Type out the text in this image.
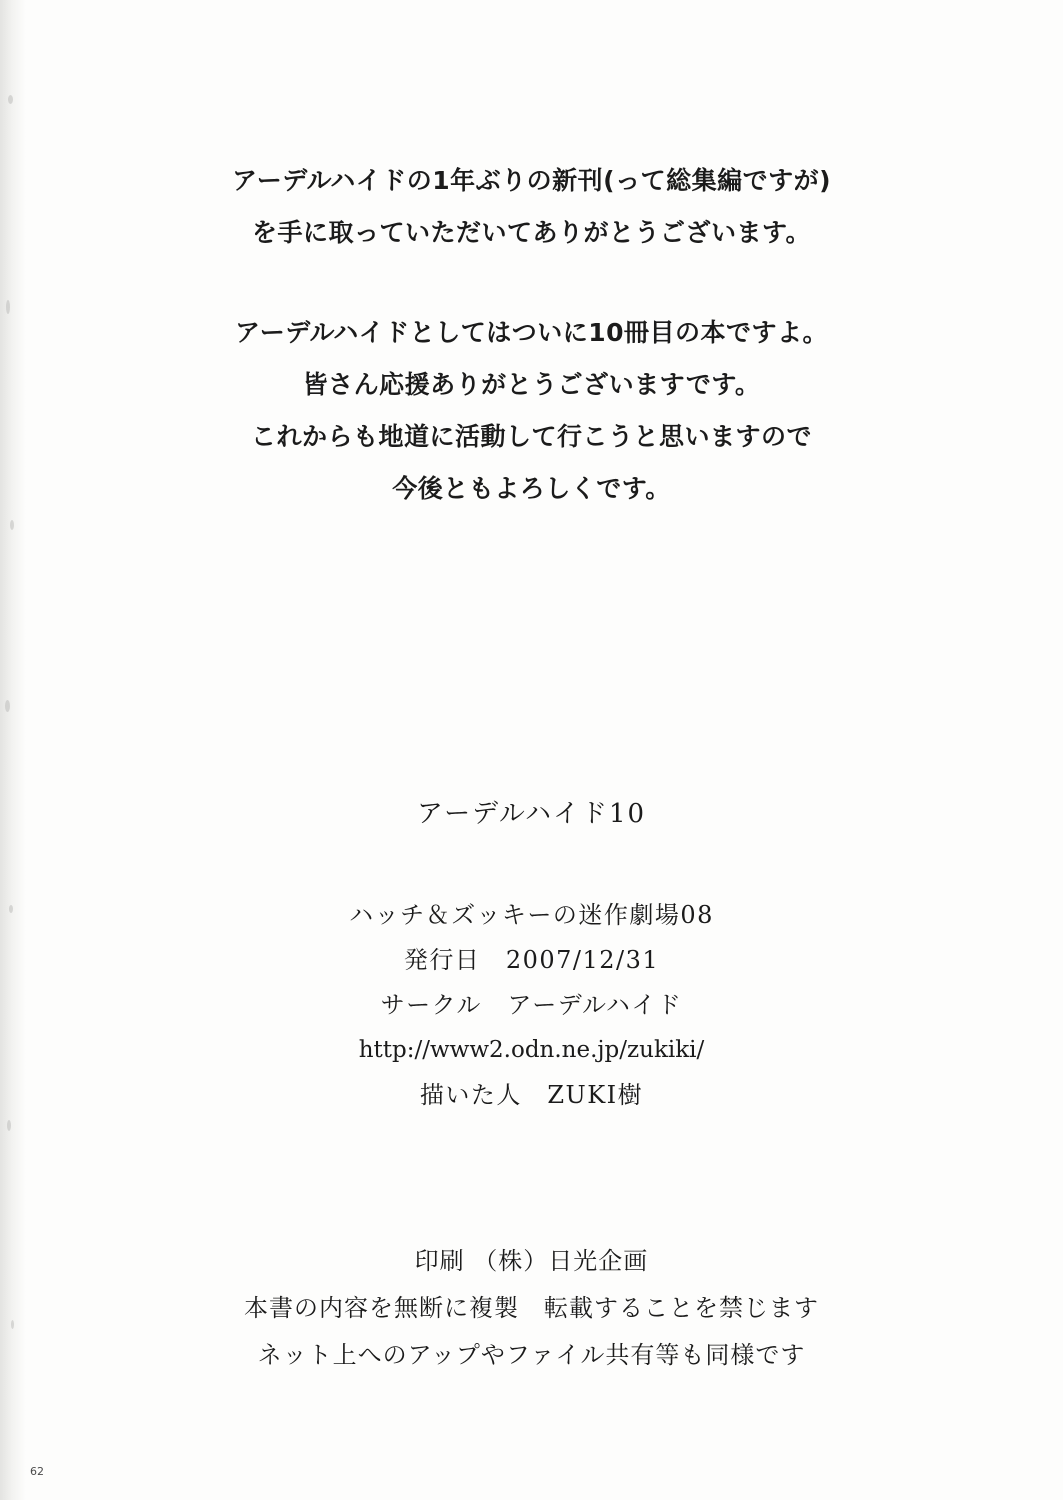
アーデルハイドの1年ぶりの新刊(って総集編ですが)
を手に取っていただいてありがとうございます。
アーデルハイドとしてはついに10冊目の本ですよ。
皆さん応援ありがとうございますです。
これからも地道に活動して行こうと思いますので
今後ともよろしくです。
アーデルハイド10
ハッチ＆ズッキーの迷作劇場08
発行日　2007/12/31
サークル　アーデルハイド
http://www2.odn.ne.jp/zukiki/
描いた人　ZUKI樹
印刷 （株）日光企画
本書の内容を無断に複製　転載することを禁じます
ネット上へのアップやファイル共有等も同様です
62
